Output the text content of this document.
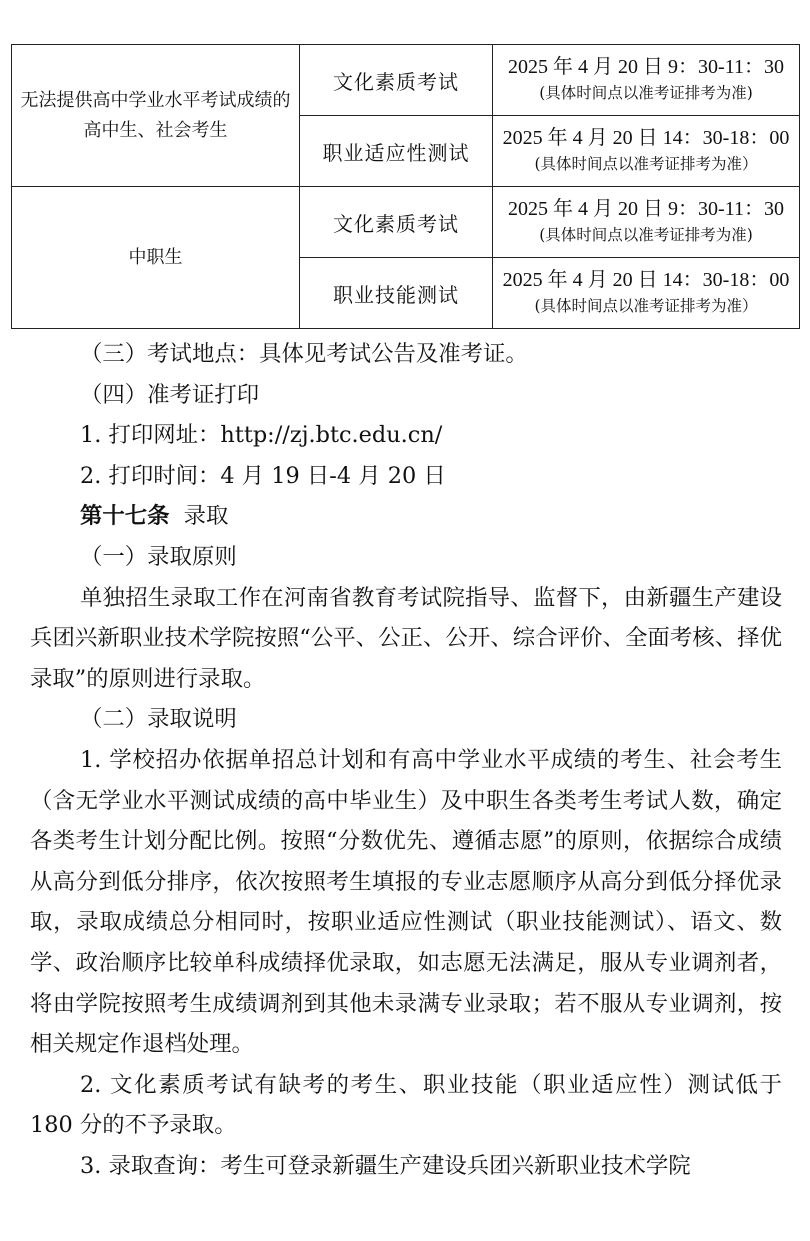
无法提供高中学业水平考试成绩的高中生、社会考生	文化素质考试	2025 年 4 月 20 日 9：30-11：30
(具体时间点以准考证排考为准)

	职业适应性测试	2025 年 4 月 20 日 14：30-18：00
(具体时间点以准考证排考为准）

中职生	文化素质考试	2025 年 4 月 20 日 9：30-11：30
(具体时间点以准考证排考为准)

	职业技能测试	2025 年 4 月 20 日 14：30-18：00
(具体时间点以准考证排考为准）

（三）考试地点：具体见考试公告及准考证。

（四）准考证打印

1. 打印网址：http://zj.btc.edu.cn/

2. 打印时间：4 月 19 日-4 月 20 日

第十七条 录取

（一）录取原则

单独招生录取工作在河南省教育考试院指导、监督下，由新疆生产建设兵团兴新职业技术学院按照“公平、公正、公开、综合评价、全面考核、择优录取”的原则进行录取。

（二）录取说明

1. 学校招办依据单招总计划和有高中学业水平成绩的考生、社会考生（含无学业水平测试成绩的高中毕业生）及中职生各类考生考试人数，确定各类考生计划分配比例。按照“分数优先、遵循志愿”的原则，依据综合成绩从高分到低分排序，依次按照考生填报的专业志愿顺序从高分到低分择优录取，录取成绩总分相同时，按职业适应性测试（职业技能测试）、语文、数学、政治顺序比较单科成绩择优录取，如志愿无法满足，服从专业调剂者，将由学院按照考生成绩调剂到其他未录满专业录取；若不服从专业调剂，按相关规定作退档处理。

2. 文化素质考试有缺考的考生、职业技能（职业适应性）测试低于 180 分的不予录取。

3. 录取查询：考生可登录新疆生产建设兵团兴新职业技术学院
